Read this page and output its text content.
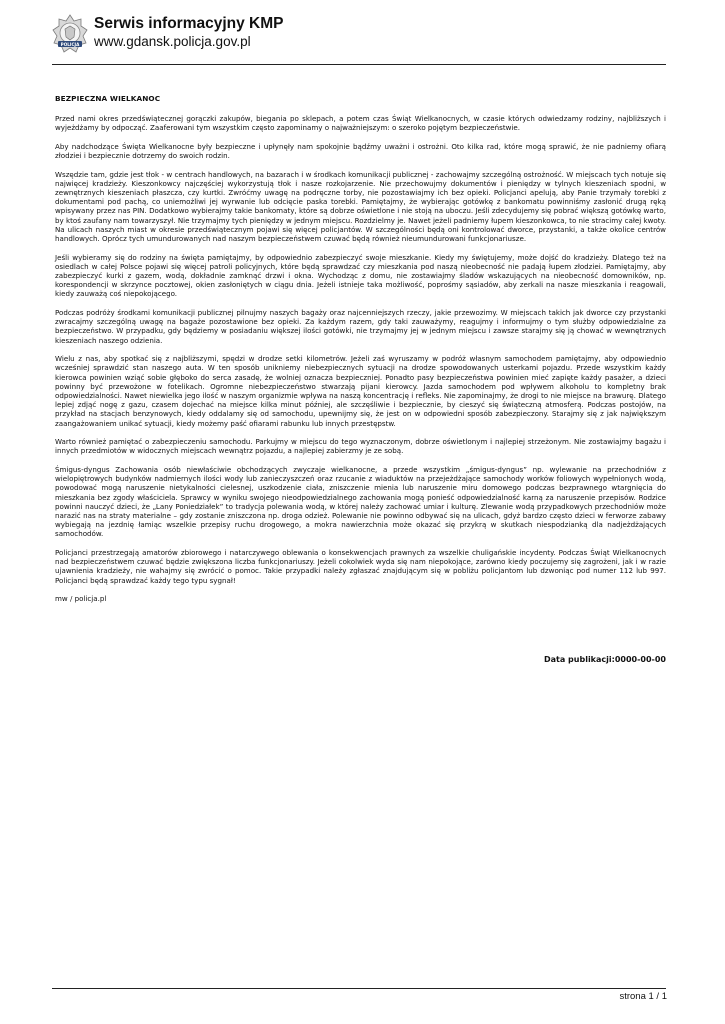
POLICJA
Serwis informacyjny KMP
www.gdansk.policja.gov.pl
BEZPIECZNA WIELKANOC

Przed nami okres przedświątecznej gorączki zakupów, biegania po sklepach, a potem czas Świąt Wielkanocnych, w czasie których odwiedzamy rodziny, najbliższych i wyjeżdżamy by odpocząć. Zaaferowani tym wszystkim często zapominamy o najważniejszym: o szeroko pojętym bezpieczeństwie.

Aby nadchodzące Święta Wielkanocne były bezpieczne i upłynęły nam spokojnie bądźmy uważni i ostrożni. Oto kilka rad, które mogą sprawić, że nie padniemy ofiarą złodziei i bezpiecznie dotrzemy do swoich rodzin.

Wszędzie tam, gdzie jest tłok - w centrach handlowych, na bazarach i w środkach komunikacji publicznej - zachowajmy szczególną ostrożność. W miejscach tych notuje się najwięcej kradzieży. Kieszonkowcy najczęściej wykorzystują tłok i nasze rozkojarzenie. Nie przechowujmy dokumentów i pieniędzy w tylnych kieszeniach spodni, w zewnętrznych kieszeniach płaszcza, czy kurtki. Zwróćmy uwagę na podręczne torby, nie pozostawiajmy ich bez opieki. Policjanci apelują, aby Panie trzymały torebki z dokumentami pod pachą, co uniemożliwi jej wyrwanie lub odcięcie paska torebki. Pamiętajmy, że wybierając gotówkę z bankomatu powinniśmy zasłonić drugą ręką wpisywany przez nas PIN. Dodatkowo wybierajmy takie bankomaty, które są dobrze oświetlone i nie stoją na uboczu. Jeśli zdecydujemy się pobrać większą gotówkę warto, by ktoś zaufany nam towarzyszył. Nie trzymajmy tych pieniędzy w jednym miejscu. Rozdzielmy je. Nawet jeżeli padniemy łupem kieszonkowca, to nie stracimy całej kwoty. Na ulicach naszych miast w okresie przedświątecznym pojawi się więcej policjantów. W szczególności będą oni kontrolować dworce, przystanki, a także okolice centrów handlowych. Oprócz tych umundurowanych nad naszym bezpieczeństwem czuwać będą również nieumundurowani funkcjonariusze.

Jeśli wybieramy się do rodziny na święta pamiętajmy, by odpowiednio zabezpieczyć swoje mieszkanie. Kiedy my świętujemy, może dojść do kradzieży. Dlatego też na osiedlach w całej Polsce pojawi się więcej patroli policyjnych, które będą sprawdzać czy mieszkania pod naszą nieobecność nie padają łupem złodziei. Pamiętajmy, aby zabezpieczyć kurki z gazem, wodą, dokładnie zamknąć drzwi i okna. Wychodząc z domu, nie zostawiajmy śladów wskazujących na nieobecność domowników, np. korespondencji w skrzynce pocztowej, okien zasłoniętych w ciągu dnia. Jeżeli istnieje taka możliwość, poprośmy sąsiadów, aby zerkali na nasze mieszkania i reagowali, kiedy zauważą coś niepokojącego.

Podczas podróży środkami komunikacji publicznej pilnujmy naszych bagaży oraz najcenniejszych rzeczy, jakie przewozimy. W miejscach takich jak dworce czy przystanki zwracajmy szczególną uwagę na bagaże pozostawione bez opieki. Za każdym razem, gdy taki zauważymy, reagujmy i informujmy o tym służby odpowiedzialne za bezpieczeństwo. W przypadku, gdy będziemy w posiadaniu większej ilości gotówki, nie trzymajmy jej w jednym miejscu i zawsze starajmy się ją chować w wewnętrznych kieszeniach naszego odzienia.

Wielu z nas, aby spotkać się z najbliższymi, spędzi w drodze setki kilometrów. Jeżeli zaś wyruszamy w podróż własnym samochodem pamiętajmy, aby odpowiednio wcześniej sprawdzić stan naszego auta. W ten sposób unikniemy niebezpiecznych sytuacji na drodze spowodowanych usterkami pojazdu. Przede wszystkim każdy kierowca powinien wziąć sobie głęboko do serca zasadę, że wolniej oznacza bezpieczniej. Ponadto pasy bezpieczeństwa powinien mieć zapięte każdy pasażer, a dzieci powinny być przewożone w fotelikach. Ogromne niebezpieczeństwo stwarzają pijani kierowcy. Jazda samochodem pod wpływem alkoholu to kompletny brak odpowiedzialności. Nawet niewielka jego ilość w naszym organizmie wpływa na naszą koncentrację i refleks. Nie zapominajmy, że drogi to nie miejsce na brawurę. Dlatego lepiej zdjąć nogę z gazu, czasem dojechać na miejsce kilka minut później, ale szczęśliwie i bezpiecznie, by cieszyć się świąteczną atmosferą. Podczas postojów, na przykład na stacjach benzynowych, kiedy oddalamy się od samochodu, upewnijmy się, że jest on w odpowiedni sposób zabezpieczony. Starajmy się z jak największym zaangażowaniem unikać sytuacji, kiedy możemy paść ofiarami rabunku lub innych przestępstw.

Warto również pamiętać o zabezpieczeniu samochodu. Parkujmy w miejscu do tego wyznaczonym, dobrze oświetlonym i najlepiej strzeżonym. Nie zostawiajmy bagażu i innych przedmiotów w widocznych miejscach wewnątrz pojazdu, a najlepiej zabierzmy je ze sobą.

Śmigus-dyngus Zachowania osób niewłaściwie obchodzących zwyczaje wielkanocne, a przede wszystkim „śmigus-dyngus” np. wylewanie na przechodniów z wielopiętrowych budynków nadmiernych ilości wody lub zanieczyszczeń oraz rzucanie z wiaduktów na przejeżdżające samochody worków foliowych wypełnionych wodą, powodować mogą naruszenie nietykalności cielesnej, uszkodzenie ciała, zniszczenie mienia lub naruszenie miru domowego podczas bezprawnego wtargnięcia do mieszkania bez zgody właściciela. Sprawcy w wyniku swojego nieodpowiedzialnego zachowania mogą ponieść odpowiedzialność karną za naruszenie przepisów. Rodzice powinni nauczyć dzieci, że „Lany Poniedziałek” to tradycja polewania wodą, w której należy zachować umiar i kulturę. Zlewanie wodą przypadkowych przechodniów może narazić nas na straty materialne – gdy zostanie zniszczona np. droga odzież. Polewanie nie powinno odbywać się na ulicach, gdyż bardzo często dzieci w ferworze zabawy wybiegają na jezdnię łamiąc wszelkie przepisy ruchu drogowego, a mokra nawierzchnia może okazać się przykrą w skutkach niespodzianką dla nadjeżdżających samochodów.

Policjanci przestrzegają amatorów zbiorowego i natarczywego oblewania o konsekwencjach prawnych za wszelkie chuligańskie incydenty. Podczas Świąt Wielkanocnych nad bezpieczeństwem czuwać będzie zwiększona liczba funkcjonariuszy. Jeżeli cokolwiek wyda się nam niepokojące, zarówno kiedy poczujemy się zagrożeni, jak i w razie ujawnienia kradzieży, nie wahajmy się zwrócić o pomoc. Takie przypadki należy zgłaszać znajdującym się w pobliżu policjantom lub dzwoniąc pod numer 112 lub 997. Policjanci będą sprawdzać każdy tego typu sygnał!

mw / policja.pl

Data publikacji:0000-00-00
strona 1 / 1
